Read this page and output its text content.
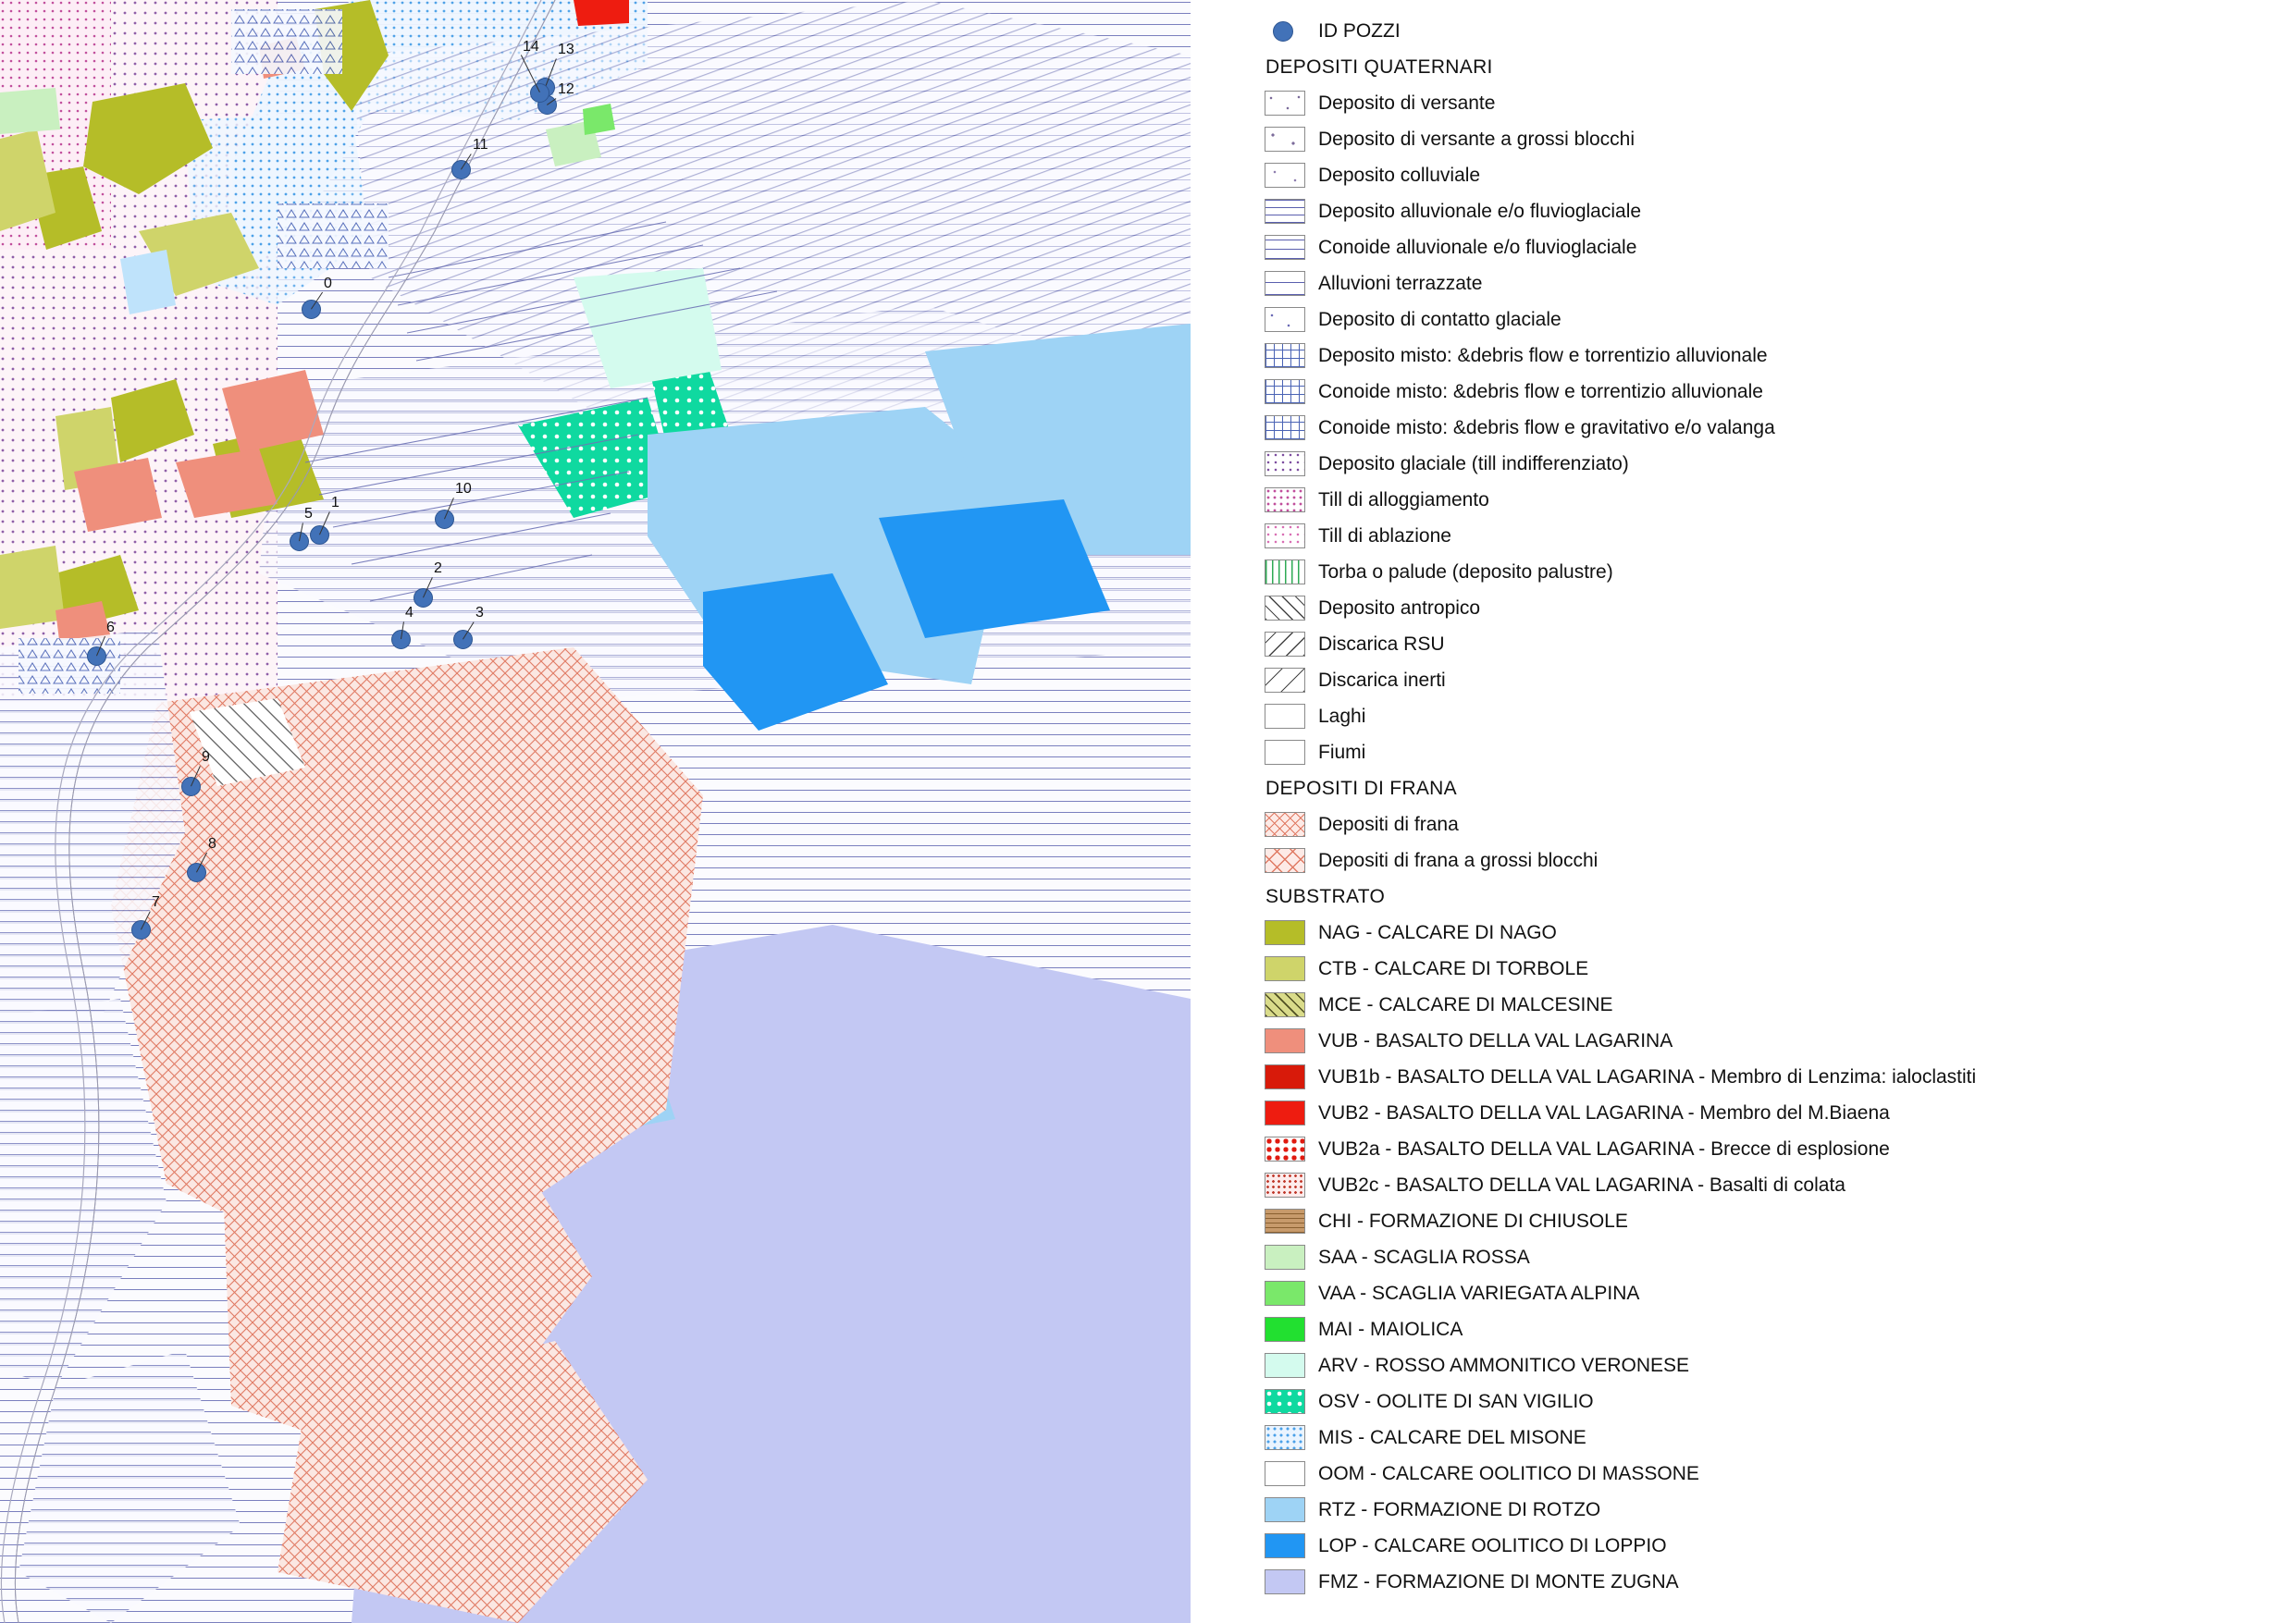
0
1
2
3
4
5
6
7
8
9
10
11
12
13
14
ID POZZI
DEPOSITI QUATERNARI
Deposito di versante
Deposito di versante a grossi blocchi
Deposito colluviale
Deposito alluvionale e/o fluvioglaciale
Conoide alluvionale e/o fluvioglaciale
Alluvioni terrazzate
Deposito di contatto glaciale
Deposito misto: &debris flow e torrentizio alluvionale
Conoide misto: &debris flow e torrentizio alluvionale
Conoide misto: &debris flow e gravitativo e/o valanga
Deposito glaciale (till indifferenziato)
Till di alloggiamento
Till di ablazione
Torba o palude (deposito palustre)
Deposito antropico
Discarica RSU
Discarica inerti
Laghi
Fiumi
DEPOSITI DI FRANA
Depositi di frana
Depositi di frana a grossi blocchi
SUBSTRATO
NAG - CALCARE DI NAGO
CTB - CALCARE DI TORBOLE
MCE - CALCARE DI MALCESINE
VUB - BASALTO DELLA VAL LAGARINA
VUB1b - BASALTO DELLA VAL LAGARINA - Membro di Lenzima: ialoclastiti
VUB2 - BASALTO DELLA VAL LAGARINA - Membro del M.Biaena
VUB2a - BASALTO DELLA VAL LAGARINA - Brecce di esplosione
VUB2c - BASALTO DELLA VAL LAGARINA - Basalti di colata
CHI - FORMAZIONE DI CHIUSOLE
SAA - SCAGLIA ROSSA
VAA - SCAGLIA VARIEGATA ALPINA
MAI - MAIOLICA
ARV - ROSSO AMMONITICO VERONESE
OSV - OOLITE DI SAN VIGILIO
MIS - CALCARE DEL MISONE
OOM - CALCARE OOLITICO DI MASSONE
RTZ - FORMAZIONE DI ROTZO
LOP - CALCARE OOLITICO DI LOPPIO
FMZ - FORMAZIONE DI MONTE ZUGNA
